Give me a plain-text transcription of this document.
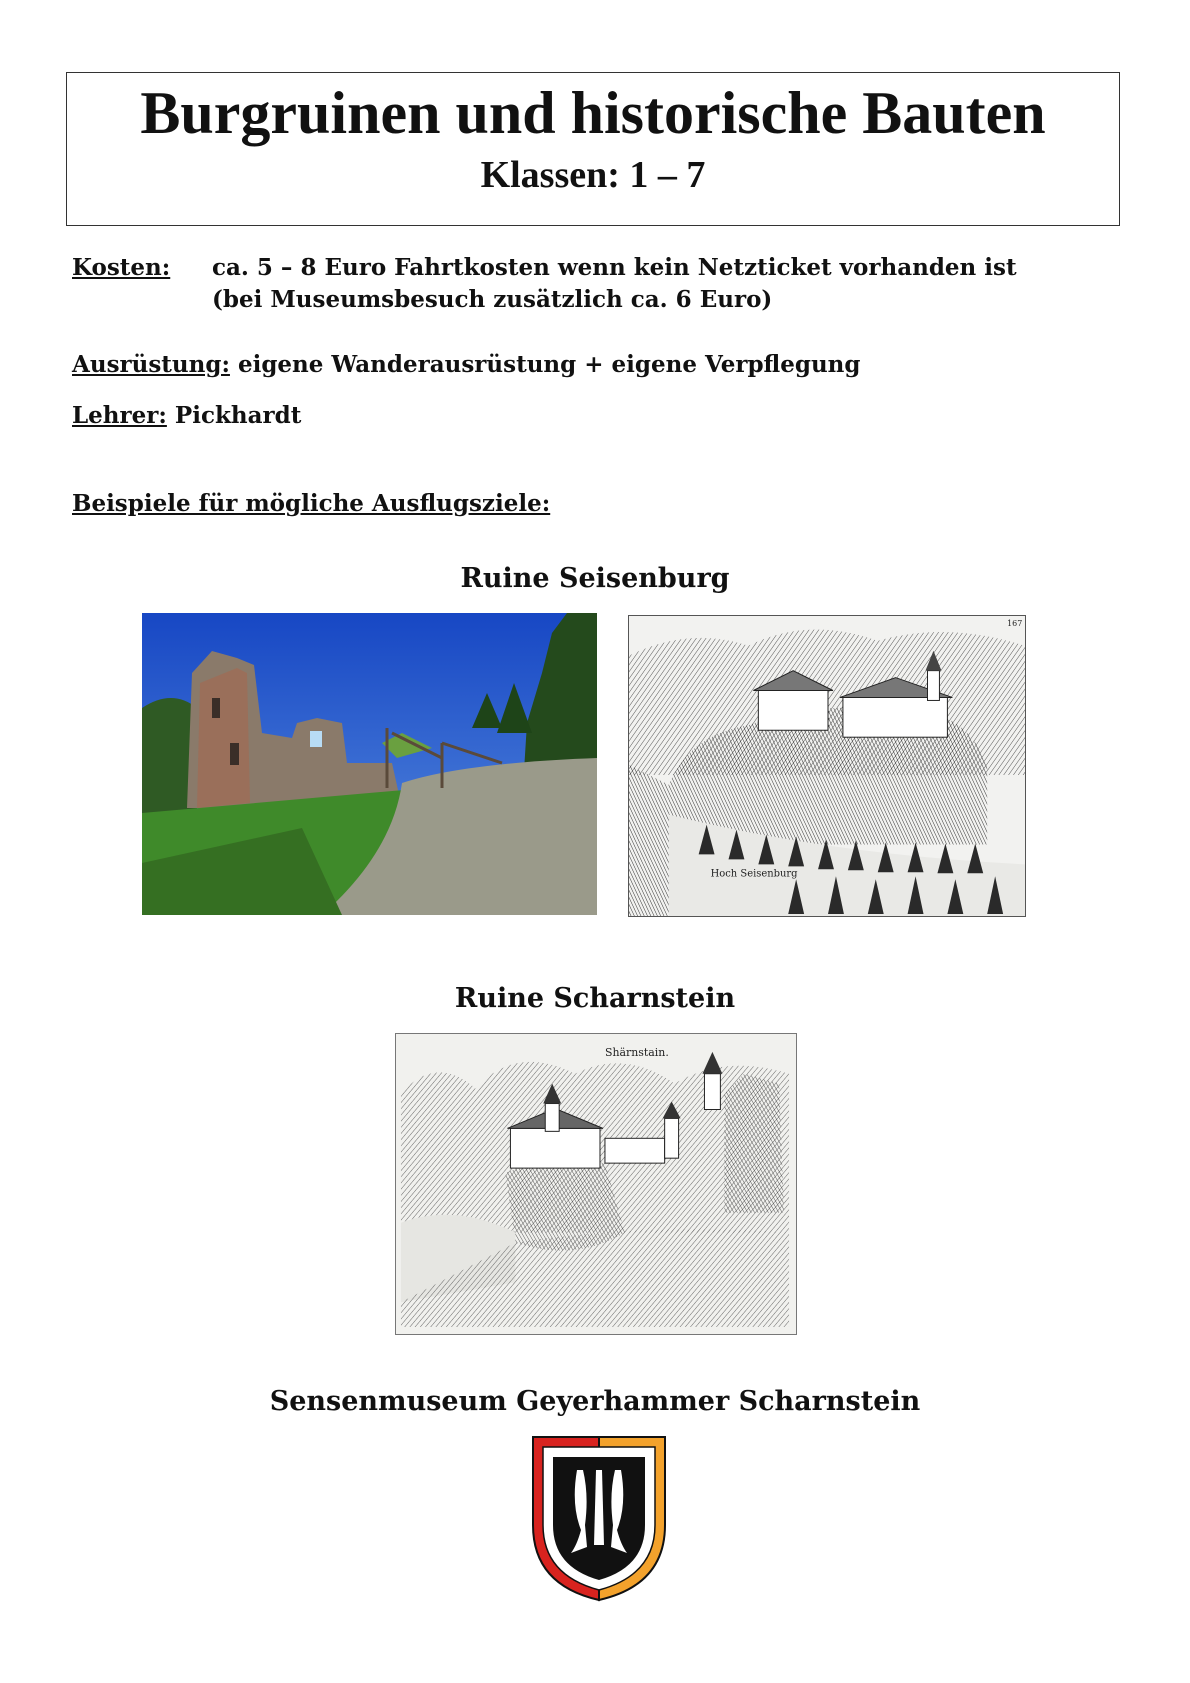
Burgruinen und historische Bauten
Klassen: 1 – 7
Kosten: ca. 5 – 8 Euro Fahrtkosten wenn kein Netzticket vorhanden ist
(bei Museumsbesuch zusätzlich ca. 6 Euro)
Ausrüstung: eigene Wanderausrüstung + eigene Verpflegung
Lehrer: Pickhardt
Beispiele für mögliche Ausflugsziele:
Ruine Seisenburg
Hoch Seisenburg
167
Ruine Scharnstein
Shärnstain.
Sensenmuseum Geyerhammer Scharnstein
